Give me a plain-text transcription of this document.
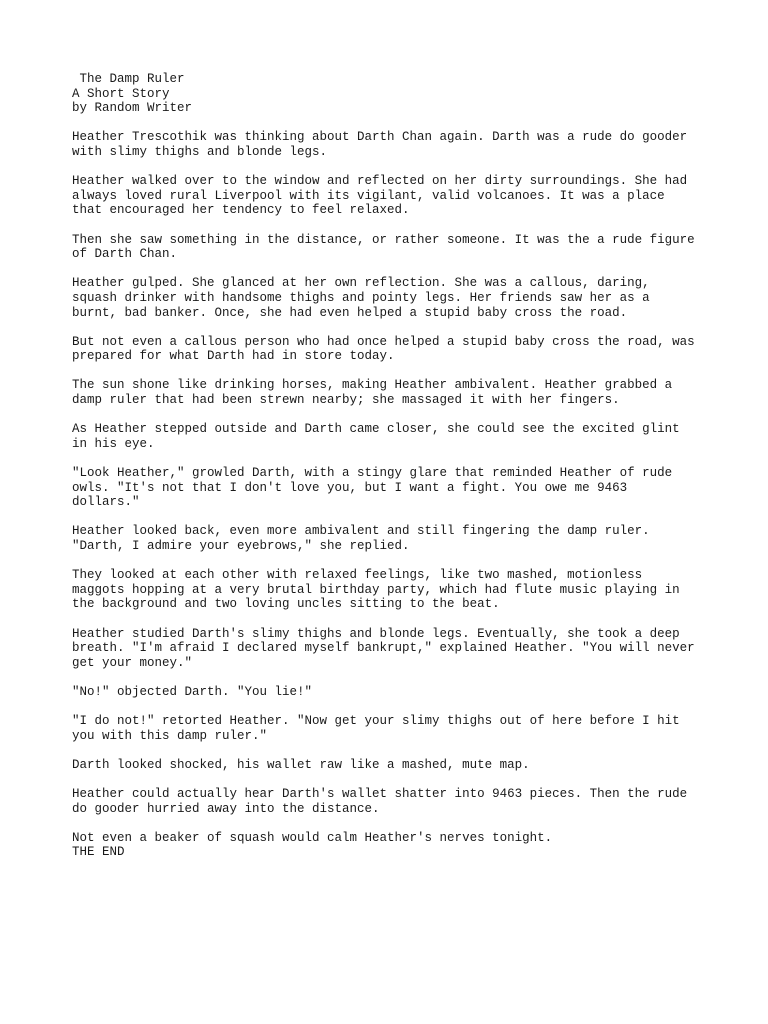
The Damp Ruler
A Short Story
by Random Writer
Heather Trescothik was thinking about Darth Chan again. Darth was a rude do gooder
with slimy thighs and blonde legs.
Heather walked over to the window and reflected on her dirty surroundings. She had
always loved rural Liverpool with its vigilant, valid volcanoes. It was a place
that encouraged her tendency to feel relaxed.
Then she saw something in the distance, or rather someone. It was the a rude figure
of Darth Chan.
Heather gulped. She glanced at her own reflection. She was a callous, daring,
squash drinker with handsome thighs and pointy legs. Her friends saw her as a
burnt, bad banker. Once, she had even helped a stupid baby cross the road.
But not even a callous person who had once helped a stupid baby cross the road, was
prepared for what Darth had in store today.
The sun shone like drinking horses, making Heather ambivalent. Heather grabbed a
damp ruler that had been strewn nearby; she massaged it with her fingers.
As Heather stepped outside and Darth came closer, she could see the excited glint
in his eye.
"Look Heather," growled Darth, with a stingy glare that reminded Heather of rude
owls. "It's not that I don't love you, but I want a fight. You owe me 9463
dollars."
Heather looked back, even more ambivalent and still fingering the damp ruler.
"Darth, I admire your eyebrows," she replied.
They looked at each other with relaxed feelings, like two mashed, motionless
maggots hopping at a very brutal birthday party, which had flute music playing in
the background and two loving uncles sitting to the beat.
Heather studied Darth's slimy thighs and blonde legs. Eventually, she took a deep
breath. "I'm afraid I declared myself bankrupt," explained Heather. "You will never
get your money."
"No!" objected Darth. "You lie!"
"I do not!" retorted Heather. "Now get your slimy thighs out of here before I hit
you with this damp ruler."
Darth looked shocked, his wallet raw like a mashed, mute map.
Heather could actually hear Darth's wallet shatter into 9463 pieces. Then the rude
do gooder hurried away into the distance.
Not even a beaker of squash would calm Heather's nerves tonight.
THE END
